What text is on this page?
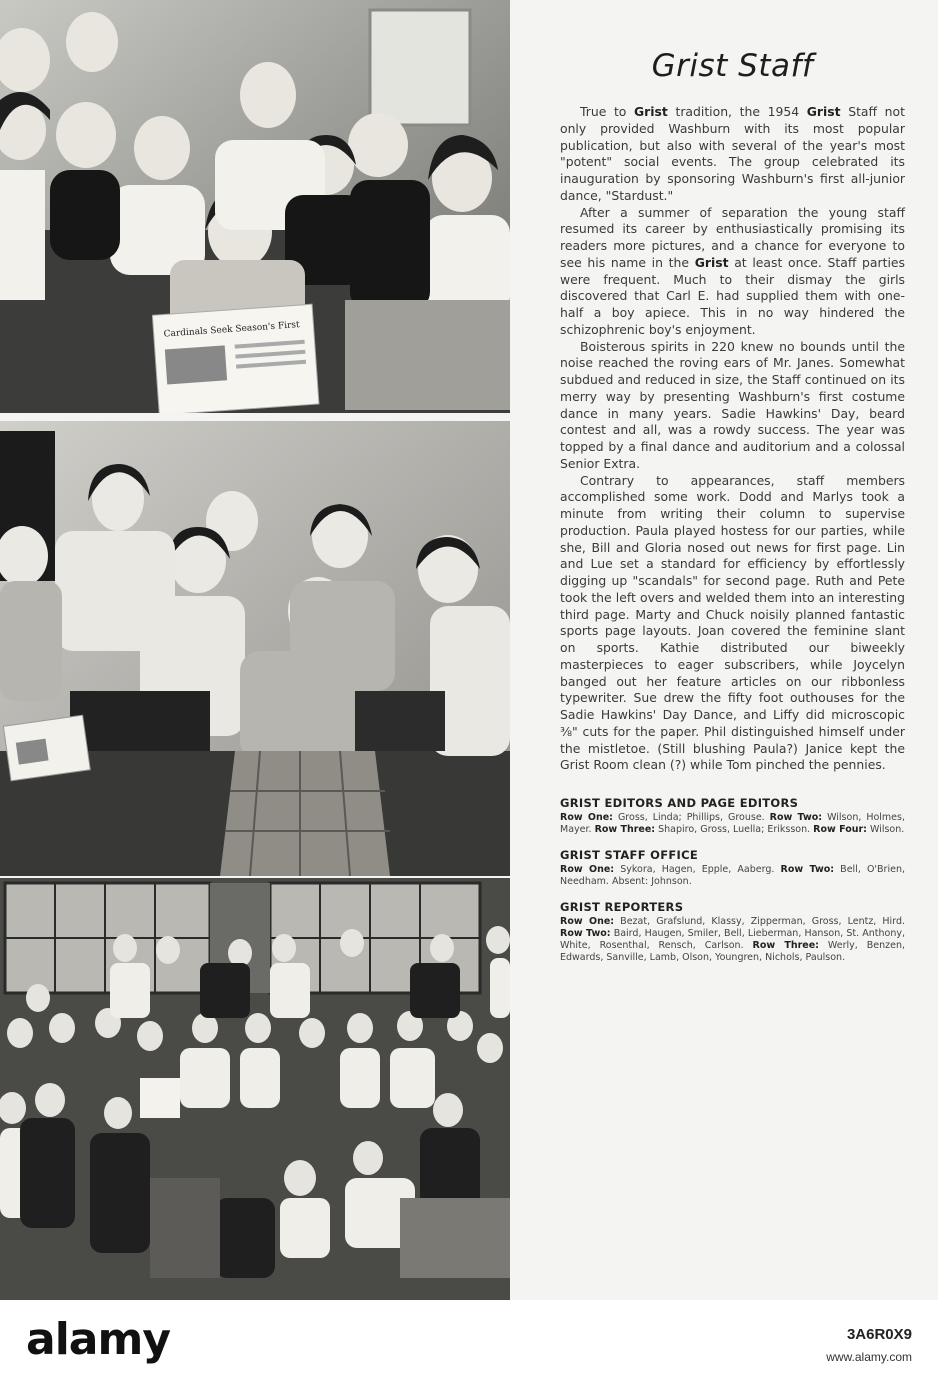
Cardinals Seek Season's First
Grist Staff

True to Grist tradition, the 1954 Grist Staff not only provided Washburn with its most popular publication, but also with several of the year's most "potent" social events. The group celebrated its inauguration by sponsoring Washburn's first all-junior dance, "Stardust."

After a summer of separation the young staff resumed its career by enthusiastically promising its readers more pictures, and a chance for everyone to see his name in the Grist at least once. Staff parties were frequent. Much to their dismay the girls discovered that Carl E. had supplied them with one-half a boy apiece. This in no way hindered the schizophrenic boy's enjoyment.

Boisterous spirits in 220 knew no bounds until the noise reached the roving ears of Mr. Janes. Somewhat subdued and reduced in size, the Staff continued on its merry way by presenting Washburn's first costume dance in many years. Sadie Hawkins' Day, beard contest and all, was a rowdy success. The year was topped by a final dance and auditorium and a colossal Senior Extra.

Contrary to appearances, staff members accomplished some work. Dodd and Marlys took a minute from writing their column to supervise production. Paula played hostess for our parties, while she, Bill and Gloria nosed out news for first page. Lin and Lue set a standard for efficiency by effortlessly digging up "scandals" for second page. Ruth and Pete took the left overs and welded them into an interesting third page. Marty and Chuck noisily planned fantastic sports page layouts. Joan covered the feminine slant on sports. Kathie distributed our biweekly masterpieces to eager subscribers, while Joycelyn banged out her feature articles on our ribbonless typewriter. Sue drew the fifty foot outhouses for the Sadie Hawkins' Day Dance, and Liffy did microscopic ⅜" cuts for the paper. Phil distinguished himself under the mistletoe. (Still blushing Paula?) Janice kept the Grist Room clean (?) while Tom pinched the pennies.

GRIST EDITORS AND PAGE EDITORS

Row One: Gross, Linda; Phillips, Grouse. Row Two: Wilson, Holmes, Mayer. Row Three: Shapiro, Gross, Luella; Eriksson. Row Four: Wilson.

GRIST STAFF OFFICE

Row One: Sykora, Hagen, Epple, Aaberg. Row Two: Bell, O'Brien, Needham. Absent: Johnson.

GRIST REPORTERS

Row One: Bezat, Grafslund, Klassy, Zipperman, Gross, Lentz, Hird. Row Two: Baird, Haugen, Smiler, Bell, Lieberman, Hanson, St. Anthony, White, Rosenthal, Rensch, Carlson. Row Three: Werly, Benzen, Edwards, Sanville, Lamb, Olson, Youngren, Nichols, Paulson.

alamy	3A6R0X9
www.alamy.com
